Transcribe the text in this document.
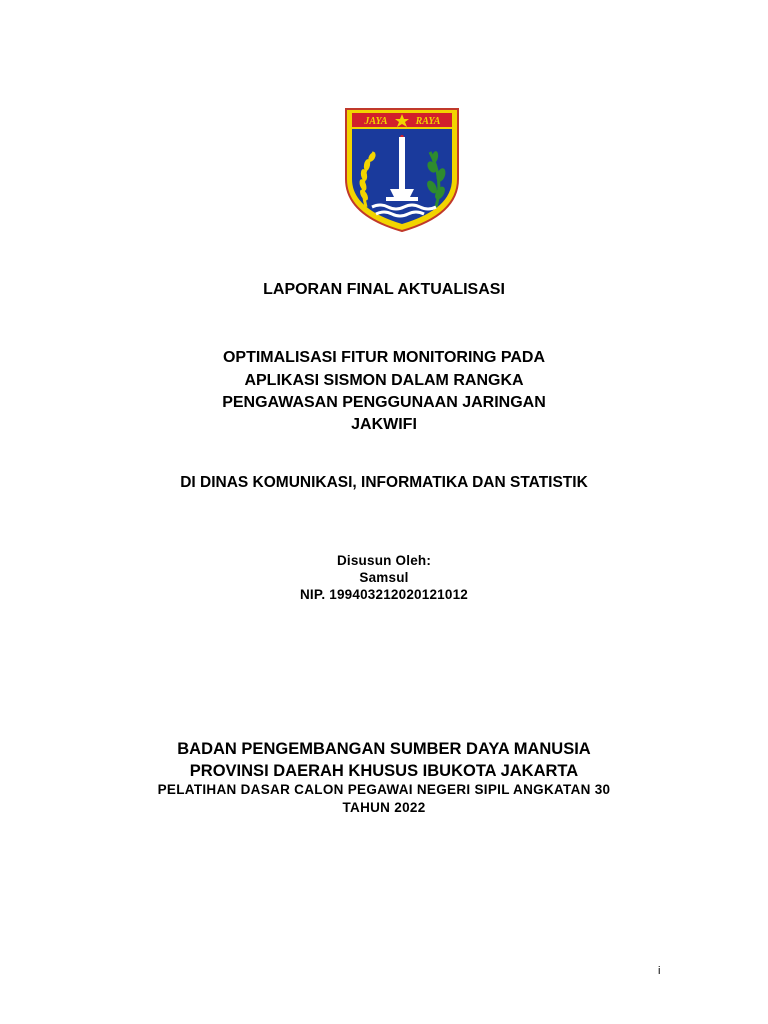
JAYA	RAYA
LAPORAN FINAL AKTUALISASI
OPTIMALISASI FITUR MONITORING PADA
APLIKASI SISMON DALAM RANGKA
PENGAWASAN PENGGUNAAN JARINGAN
JAKWIFI
DI DINAS KOMUNIKASI, INFORMATIKA DAN STATISTIK
Disusun Oleh:
Samsul
NIP. 199403212020121012
BADAN PENGEMBANGAN SUMBER DAYA MANUSIA
PROVINSI DAERAH KHUSUS IBUKOTA JAKARTA
PELATIHAN DASAR CALON PEGAWAI NEGERI SIPIL ANGKATAN 30
TAHUN 2022
i
